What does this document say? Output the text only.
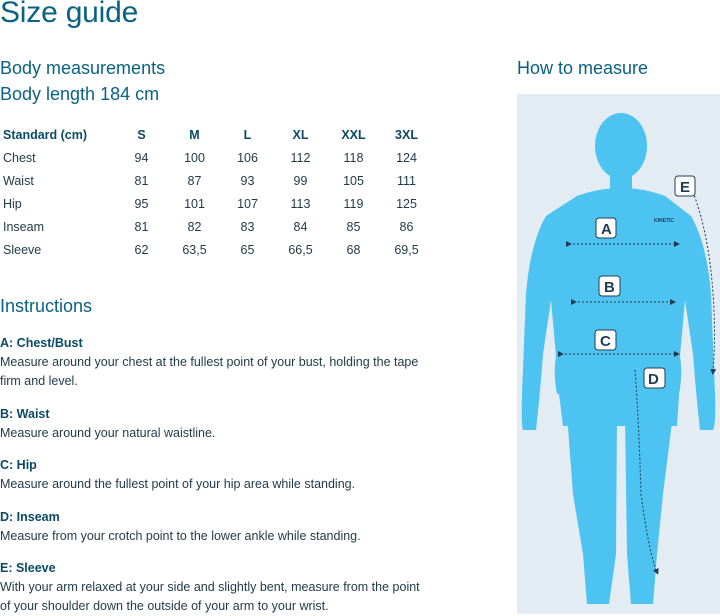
Size guide
Body measurements
Body length 184 cm
How to measure
Standard (cm)	S	M	L	XL	XXL	3XL
Chest	94	100	106	112	118	124
Waist	81	87	93	99	105	111
Hip	95	101	107	113	119	125
Inseam	81	82	83	84	85	86
Sleeve	62	63,5	65	66,5	68	69,5
Instructions
A: Chest/Bust
Measure around your chest at the fullest point of your bust, holding the tape firm and level.
B: Waist
Measure around your natural waistline.
C: Hip
Measure around the fullest point of your hip area while standing.
D: Inseam
Measure from your crotch point to the lower ankle while standing.
E: Sleeve
With your arm relaxed at your side and slightly bent, measure from the point of your shoulder down the outside of your arm to your wrist.
KINETIC
A
B
C
D
E
